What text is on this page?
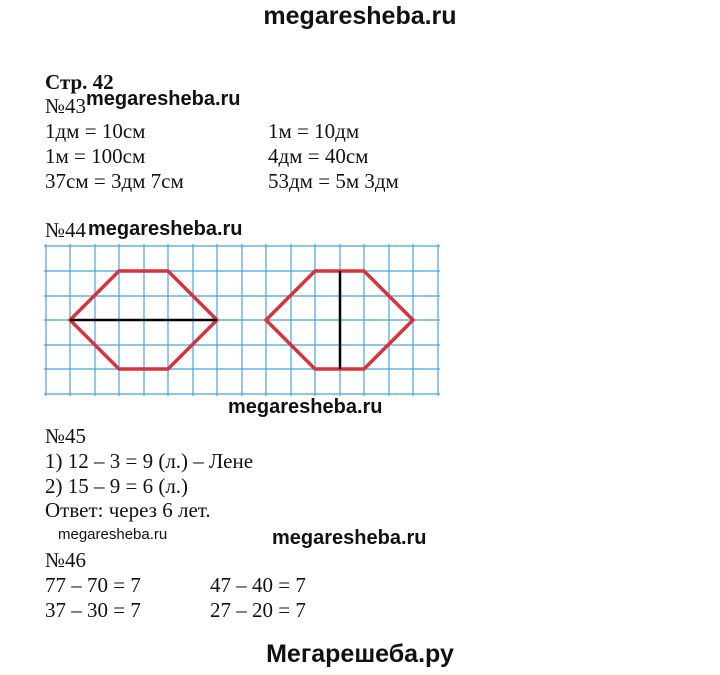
megaresheba.ru
Стр. 42
№43 megaresheba.ru
1дм = 10см
1м = 100см
37см = 3дм 7см
1м = 10дм
4дм = 40см
53дм = 5м 3дм
№44 megaresheba.ru
megaresheba.ru
№45
1) 12 – 3 = 9 (л.) – Лене
2) 15 – 9 = 6 (л.)
Ответ: через 6 лет.
megaresheba.ru	megaresheba.ru
№46
77 – 70 = 7
37 – 30 = 7
47 – 40 = 7
27 – 20 = 7
Мегарешеба.ру
